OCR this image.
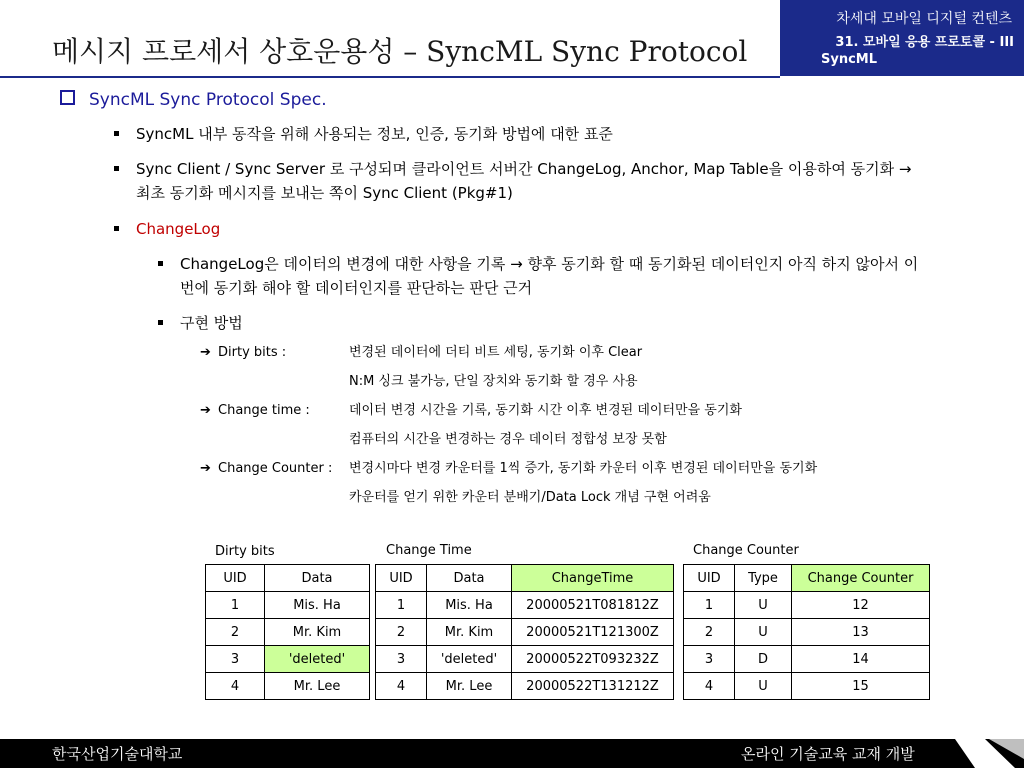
메시지 프로세서 상호운용성 – SyncML Sync Protocol
차세대 모바일 디지털 컨텐츠
31. 모바일 응용 프로토콜 - III
SyncML
SyncML Sync Protocol Spec.
SyncML 내부 동작을 위해 사용되는 정보, 인증, 동기화 방법에 대한 표준
Sync Client / Sync Server 로 구성되며 클라이언트 서버간 ChangeLog, Anchor, Map Table을 이용하여 동기화 →최초 동기화 메시지를 보내는 쪽이 Sync Client (Pkg#1)
ChangeLog
ChangeLog은 데이터의 변경에 대한 사항을 기록 → 향후 동기화 할 때 동기화된 데이터인지 아직 하지 않아서 이번에 동기화 해야 할 데이터인지를 판단하는 판단 근거
구현 방법
➔ Dirty bits :	변경된 데이터에 더티 비트 세팅, 동기화 이후 Clear
N:M 싱크 불가능, 단일 장치와 동기화 할 경우 사용
➔ Change time :	데이터 변경 시간을 기록, 동기화 시간 이후 변경된 데이터만을 동기화
컴퓨터의 시간을 변경하는 경우 데이터 정합성 보장 못함
➔ Change Counter :	변경시마다 변경 카운터를 1씩 증가, 동기화 카운터 이후 변경된 데이터만을 동기화
카운터를 얻기 위한 카운터 분배기/Data Lock 개념 구현 어려움
Dirty bits
UID	Data
1	Mis. Ha
2	Mr. Kim
3	'deleted'
4	Mr. Lee
Change Time
UID	Data	ChangeTime
1	Mis. Ha	20000521T081812Z
2	Mr. Kim	20000521T121300Z
3	'deleted'	20000522T093232Z
4	Mr. Lee	20000522T131212Z
Change Counter
UID	Type	Change Counter
1	U	12
2	U	13
3	D	14
4	U	15
한국산업기술대학교	온라인 기술교육 교재 개발
